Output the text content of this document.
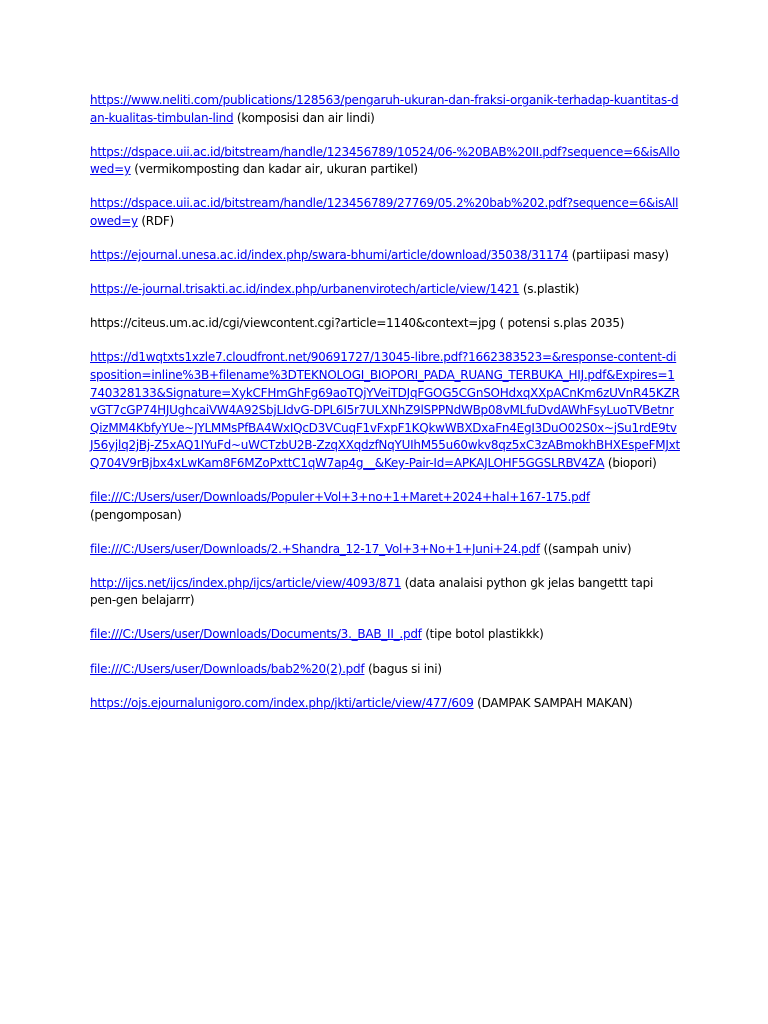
https://www.neliti.com/publications/128563/pengaruh-ukuran-dan-fraksi-organik-terhadap-kuantitas-dan-kualitas-timbulan-lind (komposisi dan air lindi)

https://dspace.uii.ac.id/bitstream/handle/123456789/10524/06-%20BAB%20II.pdf?sequence=6&isAllowed=y (vermikomposting dan kadar air, ukuran partikel)

https://dspace.uii.ac.id/bitstream/handle/123456789/27769/05.2%20bab%202.pdf?sequence=6&isAllowed=y (RDF)

https://ejournal.unesa.ac.id/index.php/swara-bhumi/article/download/35038/31174 (partiipasi masy)

https://e-journal.trisakti.ac.id/index.php/urbanenvirotech/article/view/1421 (s.plastik)

https://citeus.um.ac.id/cgi/viewcontent.cgi?article=1140&context=jpg ( potensi s.plas 2035)

https://d1wqtxts1xzle7.cloudfront.net/90691727/13045-libre.pdf?1662383523=&response-content-disposition=inline%3B+filename%3DTEKNOLOGI_BIOPORI_PADA_RUANG_TERBUKA_HIJ.pdf&Expires=1740328133&Signature=XykCFHmGhFg69aoTQjYVeiTDJqFGOG5CGnSOHdxqXXpACnKm6zUVnR45KZRvGT7cGP74HJUghcaiVW4A92SbjLIdvG-DPL6I5r7ULXNhZ9lSPPNdWBp08vMLfuDvdAWhFsyLuoTVBetnrQizMM4KbfyYUe~JYLMMsPfBA4WxIQcD3VCuqF1vFxpF1KQkwWBXDxaFn4EgI3DuO02S0x~jSu1rdE9tvJ56yjlq2jBj-Z5xAQ1IYuFd~uWCTzbU2B-ZzqXXqdzfNqYUIhM55u60wkv8qz5xC3zABmokhBHXEspeFMJxtQ704V9rBjbx4xLwKam8F6MZoPxttC1qW7ap4g__&Key-Pair-Id=APKAJLOHF5GGSLRBV4ZA (biopori)

file:///C:/Users/user/Downloads/Populer+Vol+3+no+1+Maret+2024+hal+167-175.pdf (pengomposan)

file:///C:/Users/user/Downloads/2.+Shandra_12-17_Vol+3+No+1+Juni+24.pdf ((sampah univ)

http://ijcs.net/ijcs/index.php/ijcs/article/view/4093/871 (data analaisi python gk jelas bangettt tapi pen-gen belajarrr)

file:///C:/Users/user/Downloads/Documents/3._BAB_II_.pdf (tipe botol plastikkk)

file:///C:/Users/user/Downloads/bab2%20(2).pdf (bagus si ini)

https://ojs.ejournalunigoro.com/index.php/jkti/article/view/477/609 (DAMPAK SAMPAH MAKAN)
